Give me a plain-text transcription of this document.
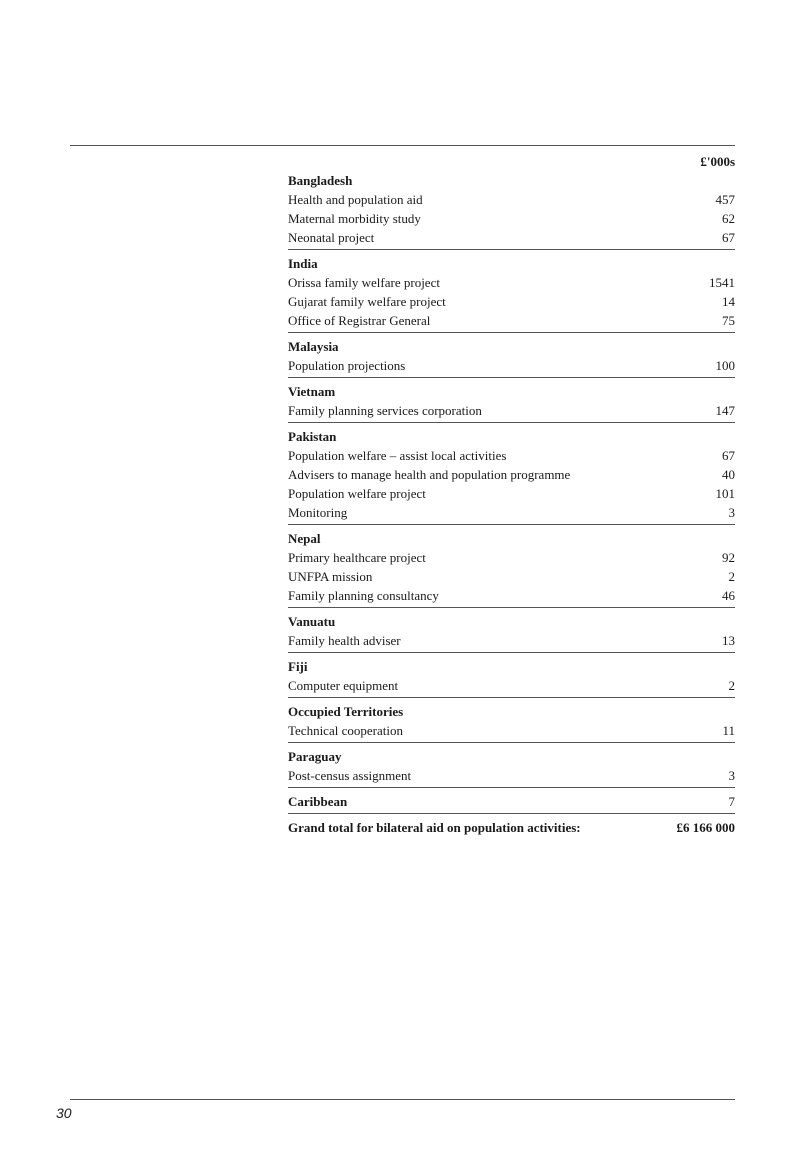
£'000s
Bangladesh
Health and population aid	457
Maternal morbidity study	62
Neonatal project	67
India
Orissa family welfare project	1541
Gujarat family welfare project	14
Office of Registrar General	75
Malaysia
Population projections	100
Vietnam
Family planning services corporation	147
Pakistan
Population welfare – assist local activities	67
Advisers to manage health and population programme	40
Population welfare project	101
Monitoring	3
Nepal
Primary healthcare project	92
UNFPA mission	2
Family planning consultancy	46
Vanuatu
Family health adviser	13
Fiji
Computer equipment	2
Occupied Territories
Technical cooperation	11
Paraguay
Post-census assignment	3
Caribbean	7
Grand total for bilateral aid on population activities:	£6 166 000
30
